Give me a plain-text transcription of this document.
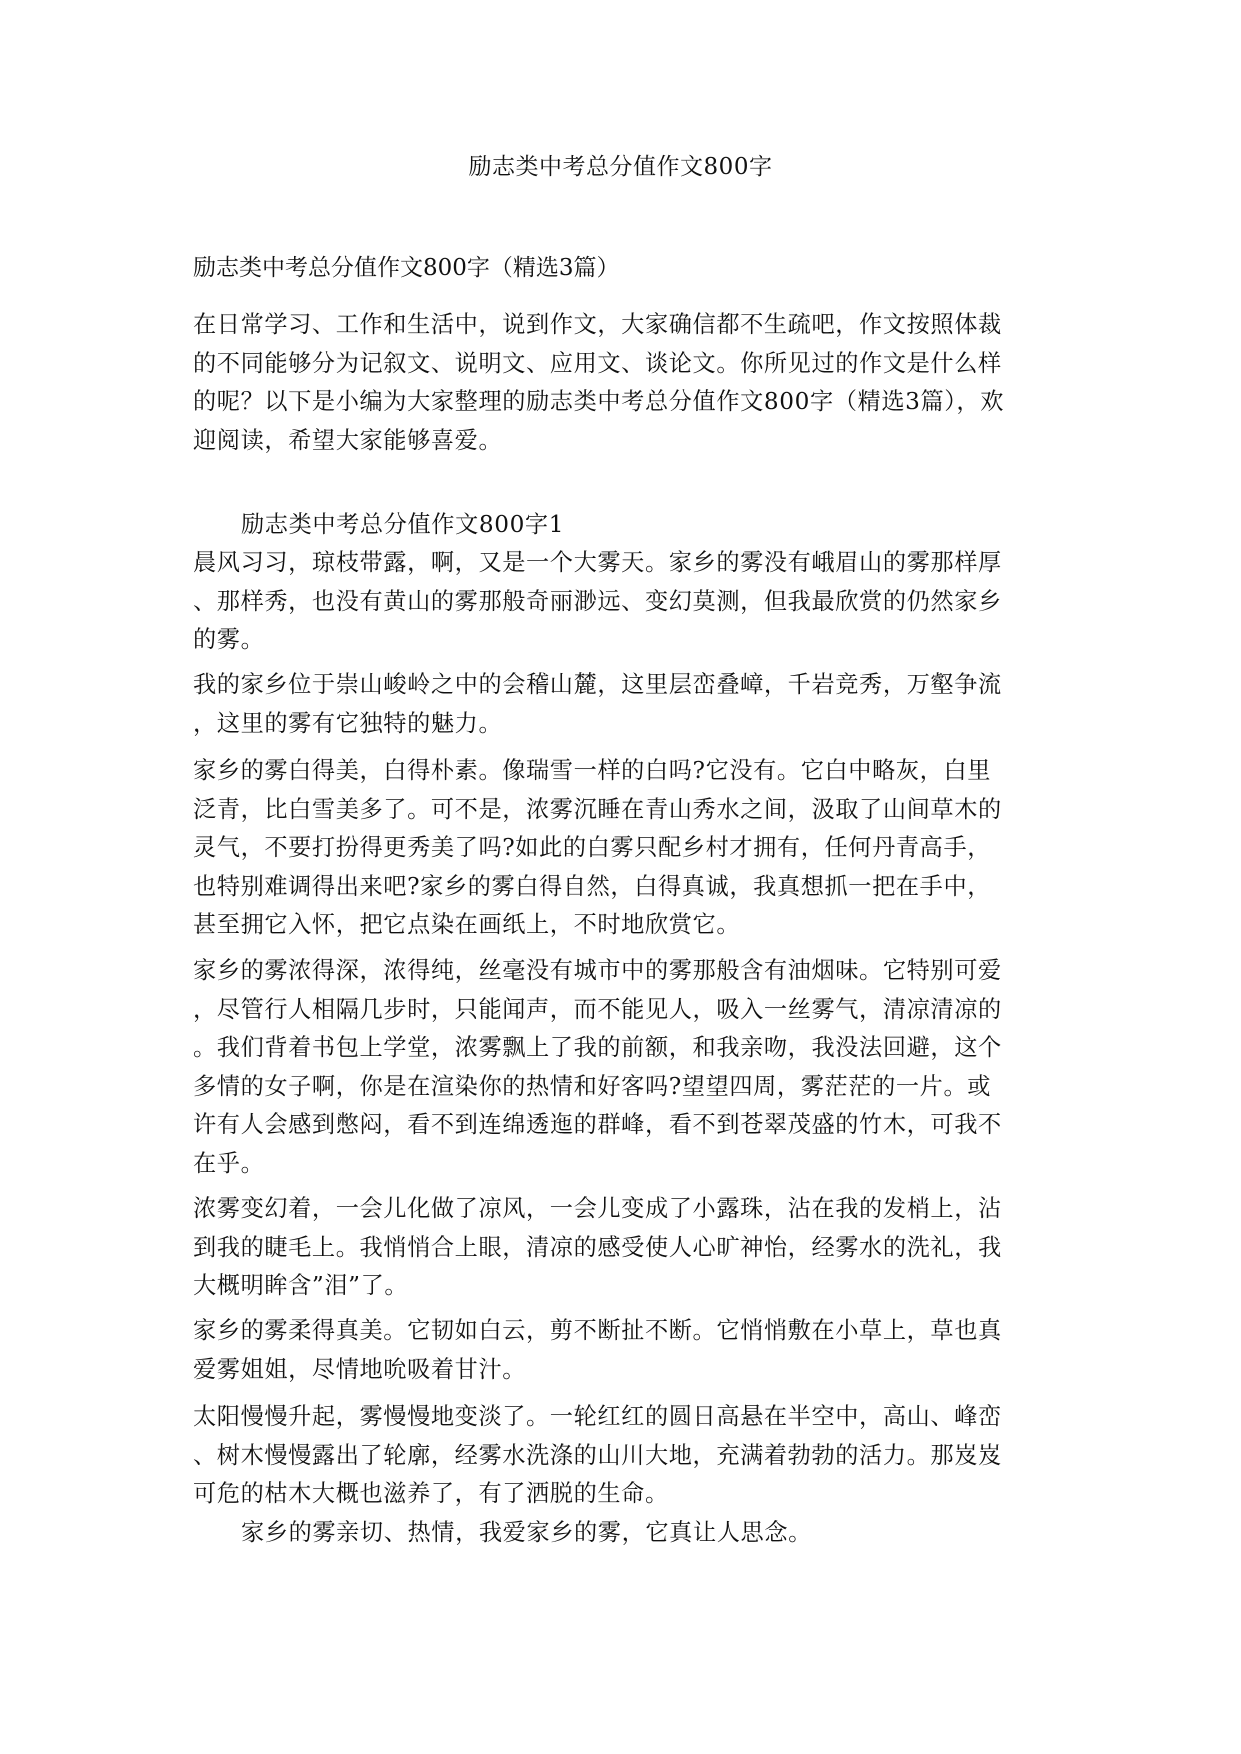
励志类中考总分值作文800字
励志类中考总分值作文800字（精选3篇）

在日常学习、工作和生活中，说到作文，大家确信都不生疏吧，作文按照体裁

的不同能够分为记叙文、说明文、应用文、谈论文。你所见过的作文是什么样

的呢？以下是小编为大家整理的励志类中考总分值作文800字（精选3篇），欢

迎阅读，希望大家能够喜爱。

励志类中考总分值作文800字1

晨风习习，琼枝带露，啊，又是一个大雾天。家乡的雾没有峨眉山的雾那样厚

、那样秀，也没有黄山的雾那般奇丽渺远、变幻莫测，但我最欣赏的仍然家乡

的雾。

我的家乡位于崇山峻岭之中的会稽山麓，这里层峦叠嶂，千岩竞秀，万壑争流

，这里的雾有它独特的魅力。

家乡的雾白得美，白得朴素。像瑞雪一样的白吗?它没有。它白中略灰，白里

泛青，比白雪美多了。可不是，浓雾沉睡在青山秀水之间，汲取了山间草木的

灵气，不要打扮得更秀美了吗?如此的白雾只配乡村才拥有，任何丹青高手，

也特别难调得出来吧?家乡的雾白得自然，白得真诚，我真想抓一把在手中，

甚至拥它入怀，把它点染在画纸上，不时地欣赏它。

家乡的雾浓得深，浓得纯，丝毫没有城市中的雾那般含有油烟味。它特别可爱

，尽管行人相隔几步时，只能闻声，而不能见人，吸入一丝雾气，清凉清凉的

。我们背着书包上学堂，浓雾飘上了我的前额，和我亲吻，我没法回避，这个

多情的女子啊，你是在渲染你的热情和好客吗?望望四周，雾茫茫的一片。或

许有人会感到憋闷，看不到连绵透迤的群峰，看不到苍翠茂盛的竹木，可我不

在乎。

浓雾变幻着，一会儿化做了凉风，一会儿变成了小露珠，沾在我的发梢上，沾

到我的睫毛上。我悄悄合上眼，清凉的感受使人心旷神怡，经雾水的洗礼，我

大概明眸含”泪”了。

家乡的雾柔得真美。它韧如白云，剪不断扯不断。它悄悄敷在小草上，草也真

爱雾姐姐，尽情地吮吸着甘汁。

太阳慢慢升起，雾慢慢地变淡了。一轮红红的圆日高悬在半空中，高山、峰峦

、树木慢慢露出了轮廓，经雾水洗涤的山川大地，充满着勃勃的活力。那岌岌

可危的枯木大概也滋养了，有了洒脱的生命。

家乡的雾亲切、热情，我爱家乡的雾，它真让人思念。
